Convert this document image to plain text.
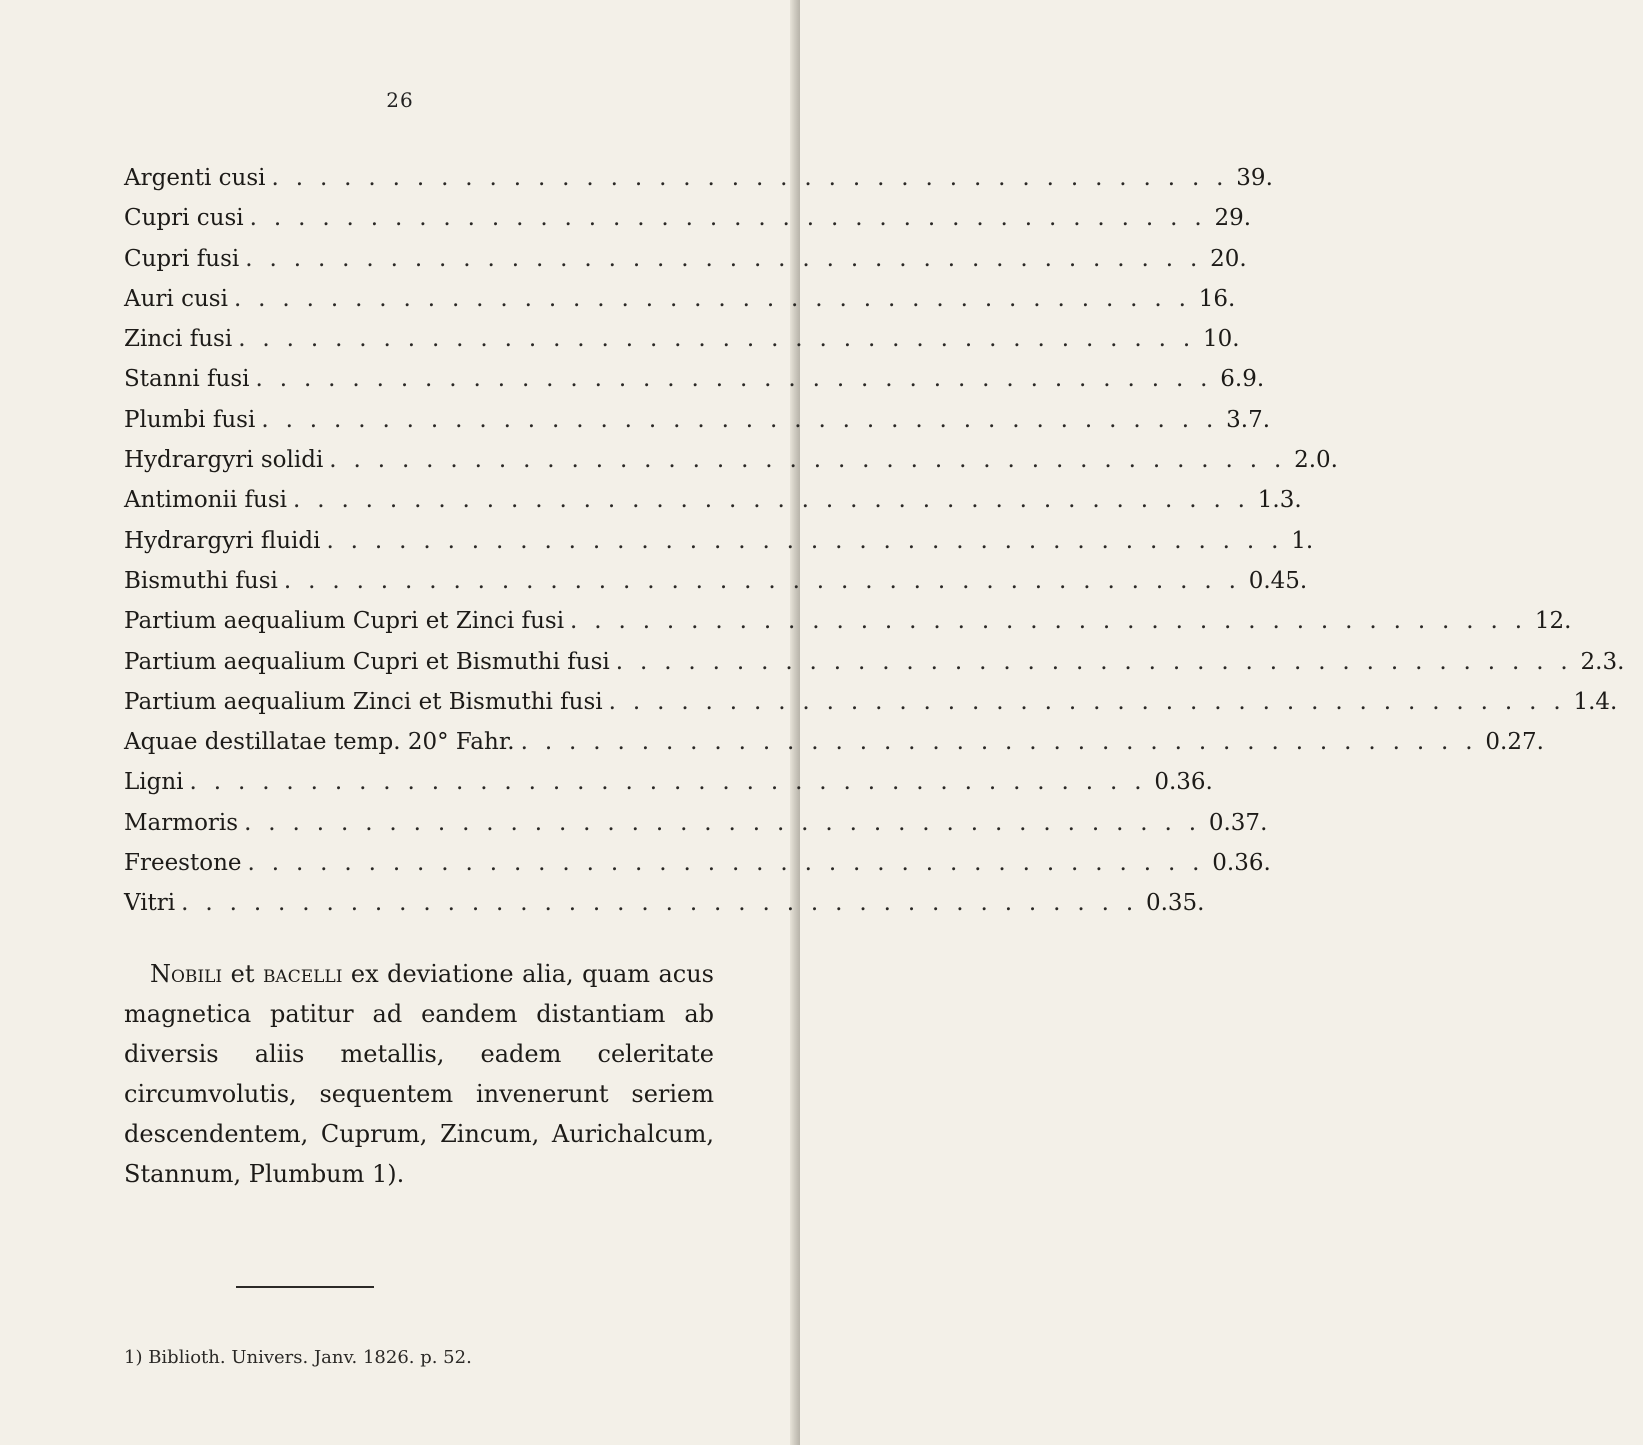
26
Argenti cusi . . . . . . . . . . . . . . . . . . . . . . . . . . . . . . . . . . . . . . . . 39.
Cupri cusi . . . . . . . . . . . . . . . . . . . . . . . . . . . . . . . . . . . . . . . . 29.
Cupri fusi . . . . . . . . . . . . . . . . . . . . . . . . . . . . . . . . . . . . . . . . 20.
Auri cusi . . . . . . . . . . . . . . . . . . . . . . . . . . . . . . . . . . . . . . . . 16.
Zinci fusi . . . . . . . . . . . . . . . . . . . . . . . . . . . . . . . . . . . . . . . . 10.
Stanni fusi . . . . . . . . . . . . . . . . . . . . . . . . . . . . . . . . . . . . . . . . 6.9.
Plumbi fusi . . . . . . . . . . . . . . . . . . . . . . . . . . . . . . . . . . . . . . . . 3.7.
Hydrargyri solidi . . . . . . . . . . . . . . . . . . . . . . . . . . . . . . . . . . . . . . . . 2.0.
Antimonii fusi . . . . . . . . . . . . . . . . . . . . . . . . . . . . . . . . . . . . . . . . 1.3.
Hydrargyri fluidi . . . . . . . . . . . . . . . . . . . . . . . . . . . . . . . . . . . . . . . . 1.
Bismuthi fusi . . . . . . . . . . . . . . . . . . . . . . . . . . . . . . . . . . . . . . . . 0.45.
Partium aequalium Cupri et Zinci fusi . . . . . . . . . . . . . . . . . . . . . . . . . . . . . . . . . . . . . . . . 12.
Partium aequalium Cupri et Bismuthi fusi . . . . . . . . . . . . . . . . . . . . . . . . . . . . . . . . . . . . . . . . 2.3.
Partium aequalium Zinci et Bismuthi fusi . . . . . . . . . . . . . . . . . . . . . . . . . . . . . . . . . . . . . . . . 1.4.
Aquae destillatae temp. 20° Fahr. . . . . . . . . . . . . . . . . . . . . . . . . . . . . . . . . . . . . . . . . 0.27.
Ligni . . . . . . . . . . . . . . . . . . . . . . . . . . . . . . . . . . . . . . . . 0.36.
Marmoris . . . . . . . . . . . . . . . . . . . . . . . . . . . . . . . . . . . . . . . . 0.37.
Freestone . . . . . . . . . . . . . . . . . . . . . . . . . . . . . . . . . . . . . . . . 0.36.
Vitri . . . . . . . . . . . . . . . . . . . . . . . . . . . . . . . . . . . . . . . . 0.35.

Nobili et bacelli ex deviatione alia, quam acus magnetica patitur ad eandem distantiam ab diversis aliis metallis, eadem celeritate circumvolutis, sequentem invenerunt seriem descendentem, Cuprum, Zincum, Aurichalcum, Stannum, Plumbum 1).

1) Biblioth. Univers. Janv. 1826. p. 52.
